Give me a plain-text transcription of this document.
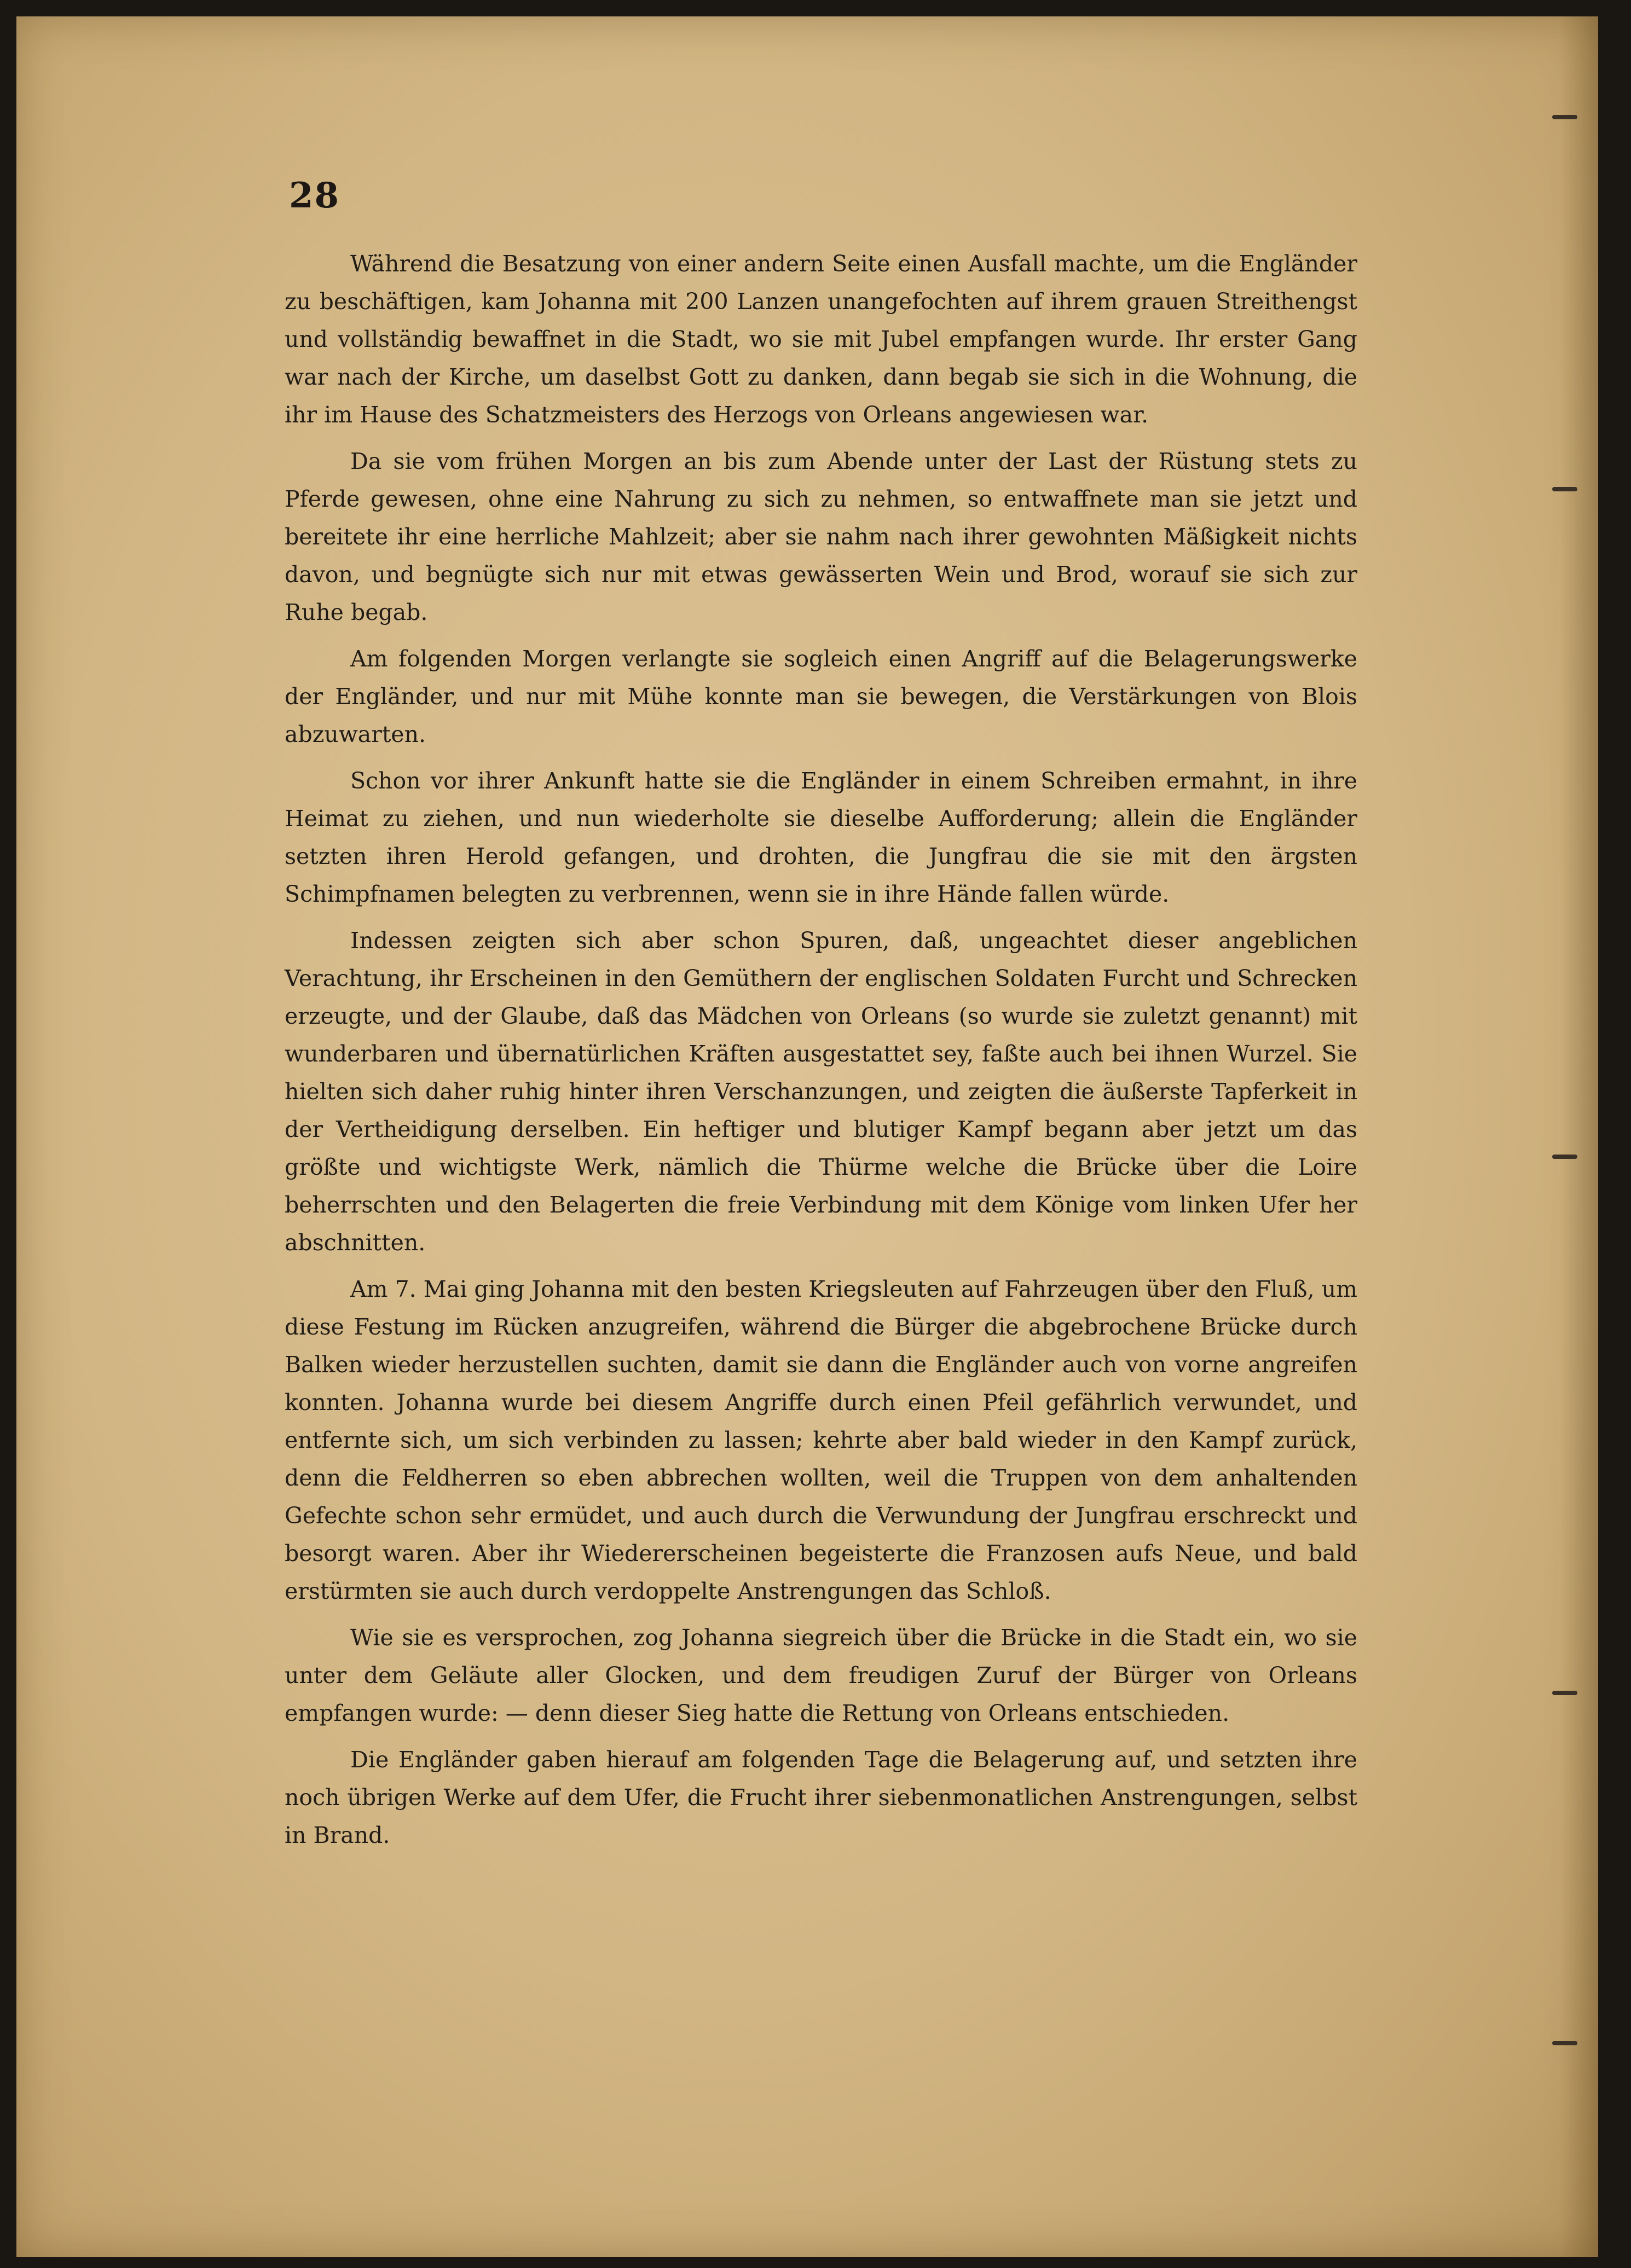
28

Während die Besatzung von einer andern Seite einen Ausfall machte, um die Engländer zu beschäftigen, kam Johanna mit 200 Lanzen unangefochten auf ihrem grauen Streithengst und vollständig bewaffnet in die Stadt, wo sie mit Jubel empfangen wurde. Ihr erster Gang war nach der Kirche, um daselbst Gott zu danken, dann begab sie sich in die Wohnung, die ihr im Hause des Schatzmeisters des Herzogs von Orleans angewiesen war.

Da sie vom frühen Morgen an bis zum Abende unter der Last der Rüstung stets zu Pferde gewesen, ohne eine Nahrung zu sich zu nehmen, so entwaffnete man sie jetzt und bereitete ihr eine herrliche Mahlzeit; aber sie nahm nach ihrer gewohnten Mäßigkeit nichts davon, und begnügte sich nur mit etwas gewässerten Wein und Brod, worauf sie sich zur Ruhe begab.

Am folgenden Morgen verlangte sie sogleich einen Angriff auf die Belagerungswerke der Engländer, und nur mit Mühe konnte man sie bewegen, die Verstärkungen von Blois abzuwarten.

Schon vor ihrer Ankunft hatte sie die Engländer in einem Schreiben ermahnt, in ihre Heimat zu ziehen, und nun wiederholte sie dieselbe Aufforderung; allein die Engländer setzten ihren Herold gefangen, und drohten, die Jungfrau die sie mit den ärgsten Schimpfnamen belegten zu verbrennen, wenn sie in ihre Hände fallen würde.

Indessen zeigten sich aber schon Spuren, daß, ungeachtet dieser angeblichen Verachtung, ihr Erscheinen in den Gemüthern der englischen Soldaten Furcht und Schrecken erzeugte, und der Glaube, daß das Mädchen von Orleans (so wurde sie zuletzt genannt) mit wunderbaren und übernatürlichen Kräften ausgestattet sey, faßte auch bei ihnen Wurzel. Sie hielten sich daher ruhig hinter ihren Verschanzungen, und zeigten die äußerste Tapferkeit in der Vertheidigung derselben. Ein heftiger und blutiger Kampf begann aber jetzt um das größte und wichtigste Werk, nämlich die Thürme welche die Brücke über die Loire beherrschten und den Belagerten die freie Verbindung mit dem Könige vom linken Ufer her abschnitten.

Am 7. Mai ging Johanna mit den besten Kriegsleuten auf Fahrzeugen über den Fluß, um diese Festung im Rücken anzugreifen, während die Bürger die abgebrochene Brücke durch Balken wieder herzustellen suchten, damit sie dann die Engländer auch von vorne angreifen konnten. Johanna wurde bei diesem Angriffe durch einen Pfeil gefährlich verwundet, und entfernte sich, um sich verbinden zu lassen; kehrte aber bald wieder in den Kampf zurück, denn die Feldherren so eben abbrechen wollten, weil die Truppen von dem anhaltenden Gefechte schon sehr ermüdet, und auch durch die Verwundung der Jungfrau erschreckt und besorgt waren. Aber ihr Wiedererscheinen begeisterte die Franzosen aufs Neue, und bald erstürmten sie auch durch verdoppelte Anstrengungen das Schloß.

Wie sie es versprochen, zog Johanna siegreich über die Brücke in die Stadt ein, wo sie unter dem Geläute aller Glocken, und dem freudigen Zuruf der Bürger von Orleans empfangen wurde: — denn dieser Sieg hatte die Rettung von Orleans entschieden.

Die Engländer gaben hierauf am folgenden Tage die Belagerung auf, und setzten ihre noch übrigen Werke auf dem Ufer, die Frucht ihrer siebenmonatlichen Anstrengungen, selbst in Brand.
